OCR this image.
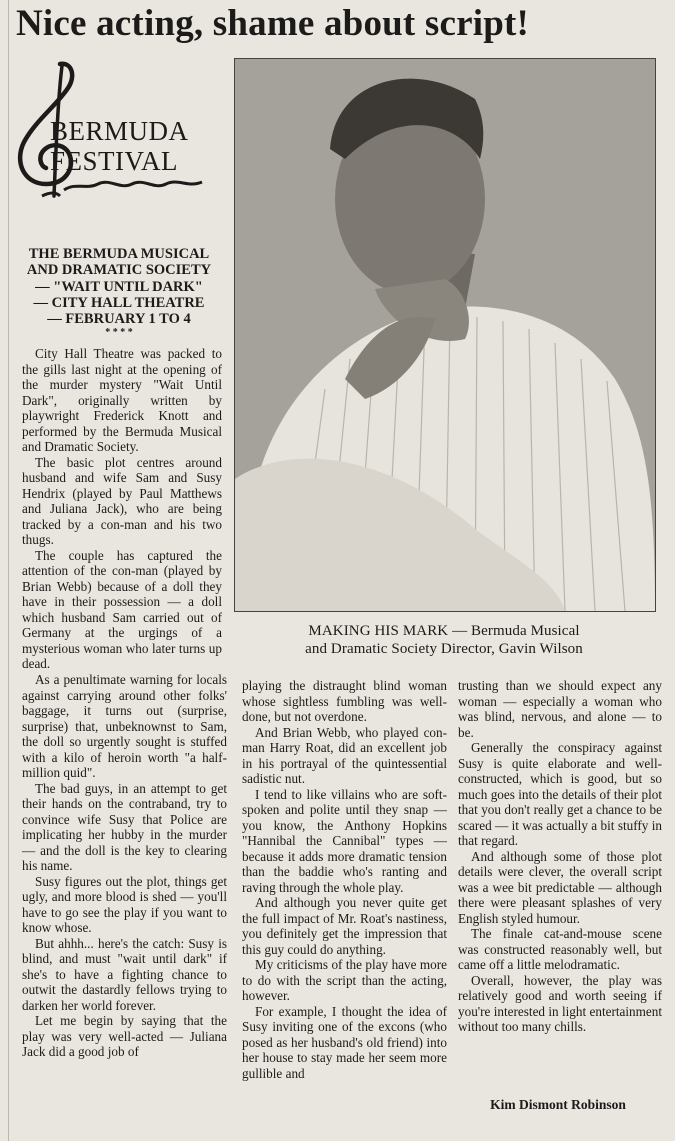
Nice acting, shame about script!
BERMUDA
FESTIVAL
THE BERMUDA MUSICAL
AND DRAMATIC SOCIETY
— "WAIT UNTIL DARK"
— CITY HALL THEATRE
— FEBRUARY 1 TO 4
* * * *

City Hall Theatre was packed to the gills last night at the opening of the murder mystery "Wait Until Dark", originally written by playwright Frederick Knott and performed by the Bermuda Musical and Dramatic Society.

The basic plot centres around husband and wife Sam and Susy Hendrix (played by Paul Matthews and Juliana Jack), who are being tracked by a con-man and his two thugs.

The couple has captured the attention of the con-man (played by Brian Webb) because of a doll they have in their possession — a doll which husband Sam carried out of Germany at the urgings of a mysterious woman who later turns up dead.

As a penultimate warning for locals against carrying around other folks' baggage, it turns out (surprise, surprise) that, unbeknownst to Sam, the doll so urgently sought is stuffed with a kilo of heroin worth "a half-million quid".

The bad guys, in an attempt to get their hands on the contraband, try to convince wife Susy that Police are implicating her hubby in the murder — and the doll is the key to clearing his name.

Susy figures out the plot, things get ugly, and more blood is shed — you'll have to go see the play if you want to know whose.

But ahhh... here's the catch: Susy is blind, and must "wait until dark" if she's to have a fighting chance to outwit the dastardly fellows trying to darken her world forever.

Let me begin by saying that the play was very well-acted — Juliana Jack did a good job of

MAKING HIS MARK — Bermuda Musical
and Dramatic Society Director, Gavin Wilson

playing the distraught blind woman whose sightless fumbling was well-done, but not overdone.

And Brian Webb, who played con-man Harry Roat, did an excellent job in his portrayal of the quintessential sadistic nut.

I tend to like villains who are soft-spoken and polite until they snap — you know, the Anthony Hopkins "Hannibal the Cannibal" types — because it adds more dramatic tension than the baddie who's ranting and raving through the whole play.

And although you never quite get the full impact of Mr. Roat's nastiness, you definitely get the impression that this guy could do anything.

My criticisms of the play have more to do with the script than the acting, however.

For example, I thought the idea of Susy inviting one of the excons (who posed as her husband's old friend) into her house to stay made her seem more gullible and

trusting than we should expect any woman — especially a woman who was blind, nervous, and alone — to be.

Generally the conspiracy against Susy is quite elaborate and well-constructed, which is good, but so much goes into the details of their plot that you don't really get a chance to be scared — it was actually a bit stuffy in that regard.

And although some of those plot details were clever, the overall script was a wee bit predictable — although there were pleasant splashes of very English styled humour.

The finale cat-and-mouse scene was constructed reasonably well, but came off a little melodramatic.

Overall, however, the play was relatively good and worth seeing if you're interested in light entertainment without too many chills.

Kim Dismont Robinson
